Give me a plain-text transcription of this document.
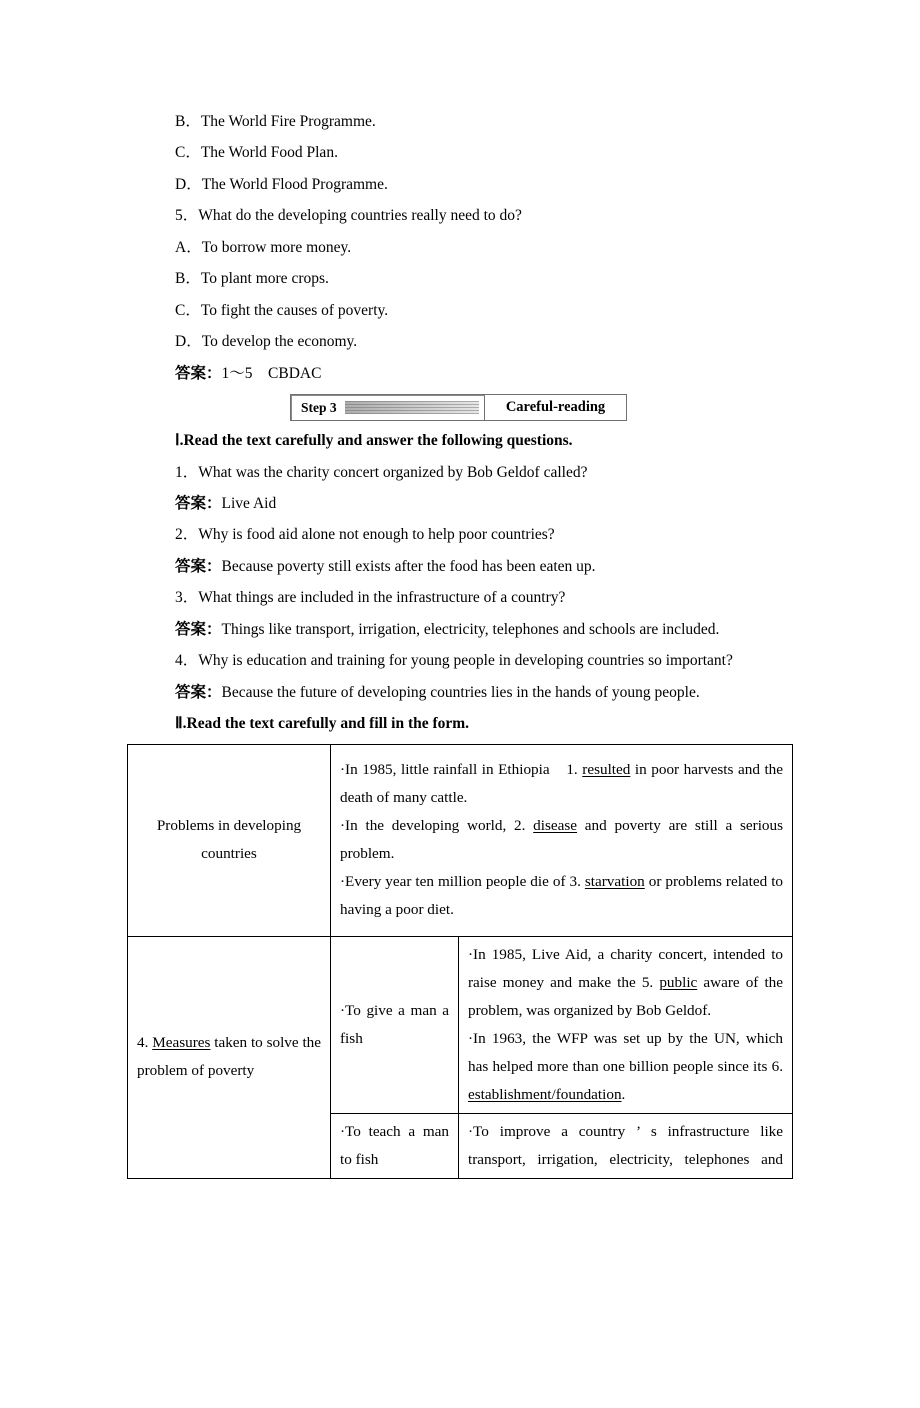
B．The World Fire Programme.

C．The World Food Plan.

D．The World Flood Programme.

5．What do the developing countries really need to do?

A．To borrow more money.

B．To plant more crops.

C．To fight the causes of poverty.

D．To develop the economy.

答案：1～5　CBDAC

Step 3	Careful-reading

Ⅰ.Read the text carefully and answer the following questions.

1．What was the charity concert organized by Bob Geldof called?

答案：Live Aid

2．Why is food aid alone not enough to help poor countries?

答案：Because poverty still exists after the food has been eaten up.

3．What things are included in the infrastructure of a country?

答案：Things like transport, irrigation, electricity, telephones and schools are included.

4．Why is education and training for young people in developing countries so important?

答案：Because the future of developing countries lies in the hands of young people.

Ⅱ.Read the text carefully and fill in the form.

Problems in developing countries	·In 1985, little rainfall in Ethiopia　1. resulted in poor harvests and the death of many cattle.
·In the developing world, 2. disease and poverty are still a serious problem.
·Every year ten million people die of 3. starvation or problems related to having a poor diet.	

4. Measures taken to solve the problem of poverty	·To give a man a fish	·In 1985, Live Aid, a charity concert, intended to raise money and make the 5. public aware of the problem, was organized by Bob Geldof.
·In 1963, the WFP was set up by the UN, which has helped more than one billion people since its 6. establishment/foundation.

	·To teach a man to fish	·To improve a country ’ s infrastructure like transport, irrigation, electricity, telephones and
